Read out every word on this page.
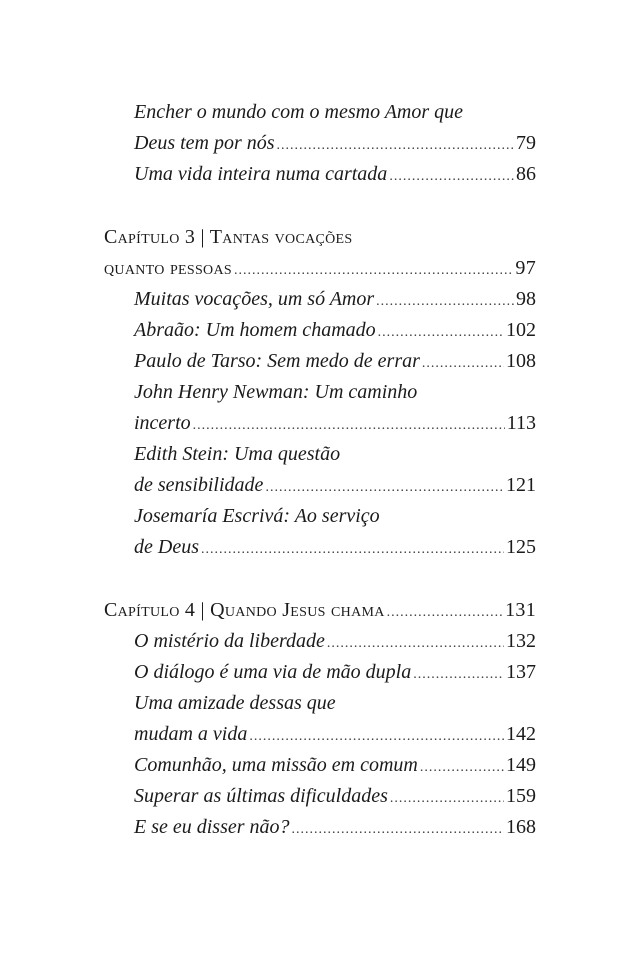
Encher o mundo com o mesmo Amor que
Deus tem por nós .....	79
Uma vida inteira numa cartada .....	86
Capítulo 3 | Tantas vocações
quanto pessoas .....	97
Muitas vocações, um só Amor .....	98
Abraão: Um homem chamado .....	102
Paulo de Tarso: Sem medo de errar .....	108
John Henry Newman: Um caminho
incerto .....	113
Edith Stein: Uma questão
de sensibilidade .....	121
Josemaría Escrivá: Ao serviço
de Deus .....	125
Capítulo 4 | Quando Jesus chama .....	131
O mistério da liberdade .....	132
O diálogo é uma via de mão dupla .....	137
Uma amizade dessas que
mudam a vida .....	142
Comunhão, uma missão em comum .....	149
Superar as últimas dificuldades .....	159
E se eu disser não? .....	168
